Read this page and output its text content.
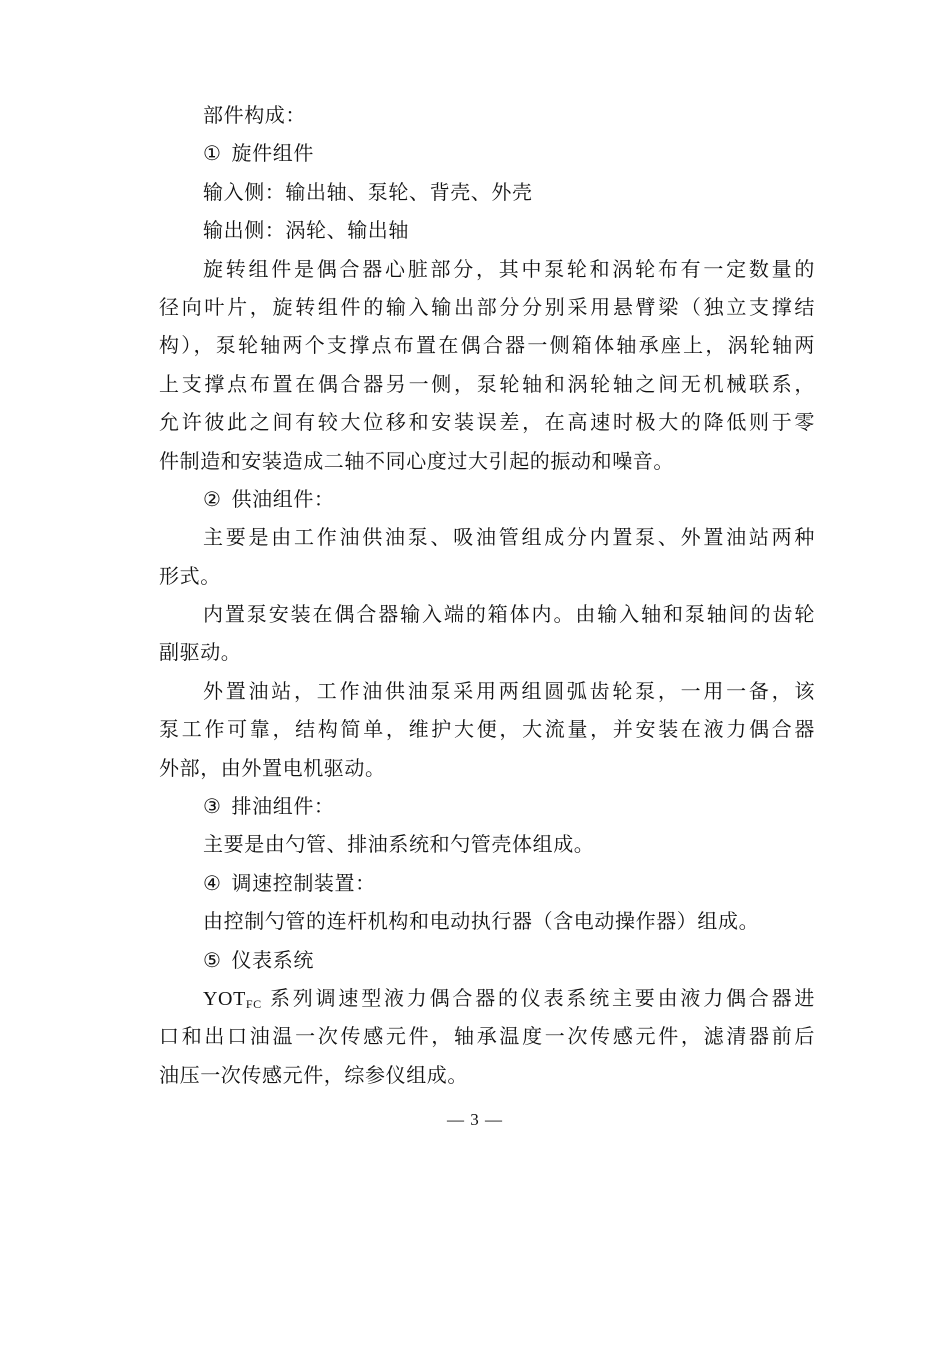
部件构成：
① 旋件组件
输入侧：输出轴、泵轮、背壳、外壳
输出侧：涡轮、输出轴
旋转组件是偶合器心脏部分，其中泵轮和涡轮布有一定数量的
径向叶片，旋转组件的输入输出部分分别采用悬臂梁（独立支撑结
构），泵轮轴两个支撑点布置在偶合器一侧箱体轴承座上，涡轮轴两
上支撑点布置在偶合器另一侧，泵轮轴和涡轮轴之间无机械联系，
允许彼此之间有较大位移和安装误差，在高速时极大的降低则于零
件制造和安装造成二轴不同心度过大引起的振动和噪音。
② 供油组件：
主要是由工作油供油泵、吸油管组成分内置泵、外置油站两种
形式。
内置泵安装在偶合器输入端的箱体内。由输入轴和泵轴间的齿轮
副驱动。
外置油站，工作油供油泵采用两组圆弧齿轮泵，一用一备，该
泵工作可靠，结构简单，维护大便，大流量，并安装在液力偶合器
外部，由外置电机驱动。
③ 排油组件：
主要是由勺管、排油系统和勺管壳体组成。
④ 调速控制装置：
由控制勺管的连杆机构和电动执行器（含电动操作器）组成。
⑤ 仪表系统
$YOT_{FC}$ 系列调速型液力偶合器的仪表系统主要由液力偶合器进
口和出口油温一次传感元件，轴承温度一次传感元件，滤清器前后
油压一次传感元件，综参仪组成。
— 3 —
